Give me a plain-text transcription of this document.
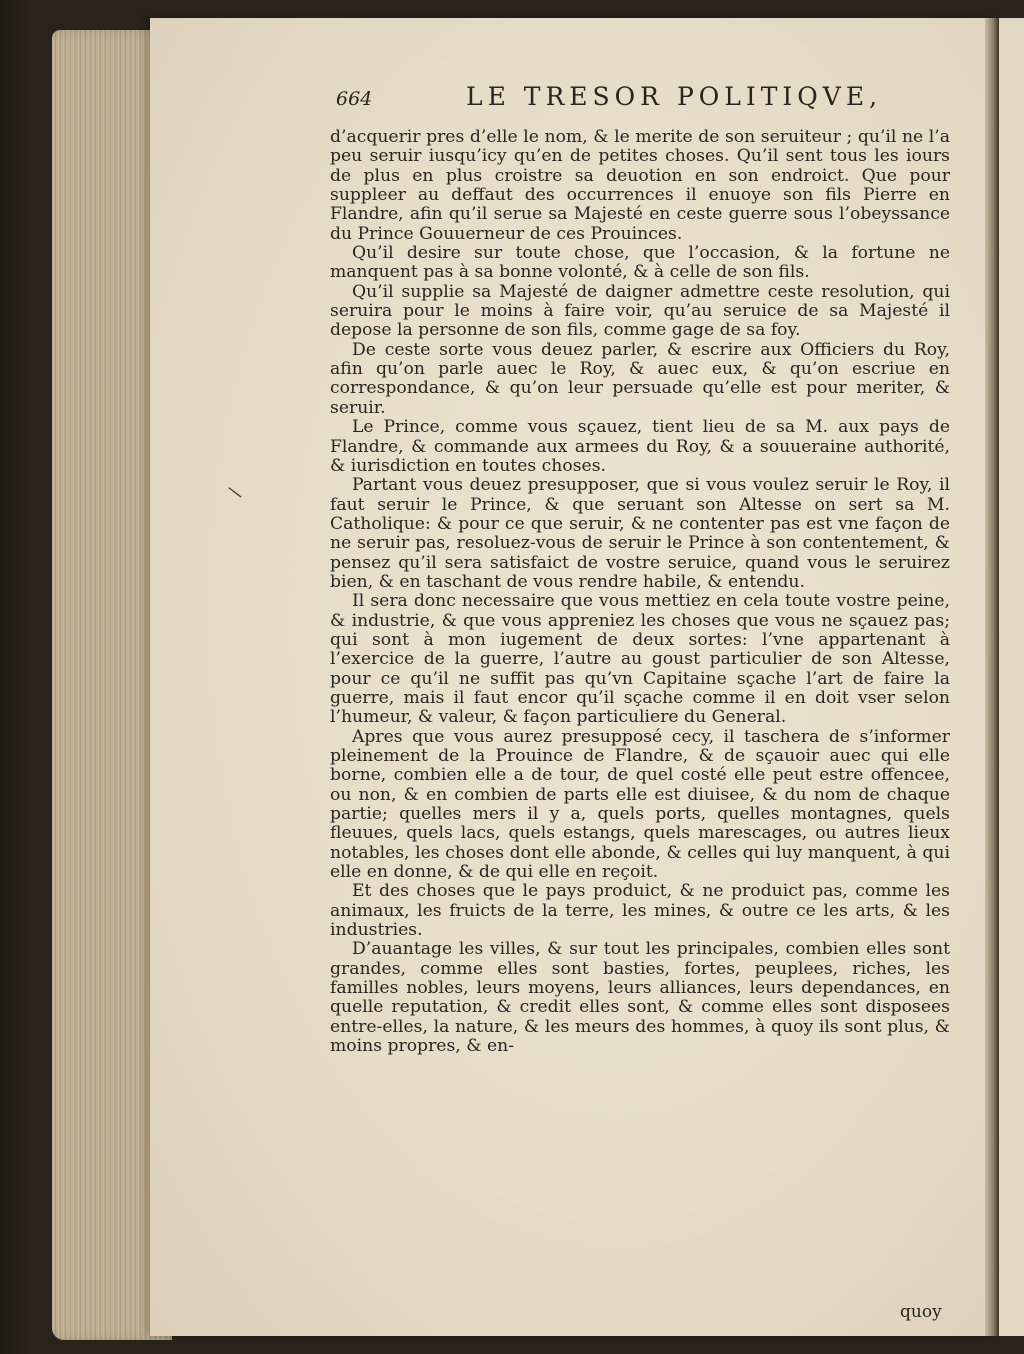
664	LE TRESOR POLITIQVE,

d’acquerir pres d’elle le nom, & le merite de son seruiteur ; qu’il ne l’a peu seruir iusqu’icy qu’en de petites choses. Qu’il sent tous les iours de plus en plus croistre sa deuotion en son endroict. Que pour suppleer au deffaut des occurrences il enuoye son fils Pierre en Flandre, afin qu’il serue sa Majesté en ceste guerre sous l’obeyssance du Prince Gouuerneur de ces Prouinces.

Qu’il desire sur toute chose, que l’occasion, & la fortune ne manquent pas à sa bonne volonté, & à celle de son fils.

Qu’il supplie sa Majesté de daigner admettre ceste resolution, qui seruira pour le moins à faire voir, qu’au seruice de sa Majesté il depose la personne de son fils, comme gage de sa foy.

De ceste sorte vous deuez parler, & escrire aux Officiers du Roy, afin qu’on parle auec le Roy, & auec eux, & qu’on escriue en correspondance, & qu’on leur persuade qu’elle est pour meriter, & seruir.

Le Prince, comme vous sçauez, tient lieu de sa M. aux pays de Flandre, & commande aux armees du Roy, & a souueraine authorité, & iurisdiction en toutes choses.

Partant vous deuez presupposer, que si vous voulez seruir le Roy, il faut seruir le Prince, & que seruant son Altesse on sert sa M. Catholique: & pour ce que seruir, & ne contenter pas est vne façon de ne seruir pas, resoluez-vous de seruir le Prince à son contentement, & pensez qu’il sera satisfaict de vostre seruice, quand vous le seruirez bien, & en taschant de vous rendre habile, & entendu.

Il sera donc necessaire que vous mettiez en cela toute vostre peine, & industrie, & que vous appreniez les choses que vous ne sçauez pas; qui sont à mon iugement de deux sortes: l’vne appartenant à l’exercice de la guerre, l’autre au goust particulier de son Altesse, pour ce qu’il ne suffit pas qu’vn Capitaine sçache l’art de faire la guerre, mais il faut encor qu’il sçache comme il en doit vser selon l’humeur, & valeur, & façon particuliere du General.

Apres que vous aurez presupposé cecy, il taschera de s’informer pleinement de la Prouince de Flandre, & de sçauoir auec qui elle borne, combien elle a de tour, de quel costé elle peut estre offencee, ou non, & en combien de parts elle est diuisee, & du nom de chaque partie; quelles mers il y a, quels ports, quelles montagnes, quels fleuues, quels lacs, quels estangs, quels marescages, ou autres lieux notables, les choses dont elle abonde, & celles qui luy manquent, à qui elle en donne, & de qui elle en reçoit.

Et des choses que le pays produict, & ne produict pas, comme les animaux, les fruicts de la terre, les mines, & outre ce les arts, & les industries.

D’auantage les villes, & sur tout les principales, combien elles sont grandes, comme elles sont basties, fortes, peuplees, riches, les familles nobles, leurs moyens, leurs alliances, leurs dependances, en quelle reputation, & credit elles sont, & comme elles sont disposees entre-elles, la nature, & les meurs des hommes, à quoy ils sont plus, & moins propres, & en-

quoy
\
